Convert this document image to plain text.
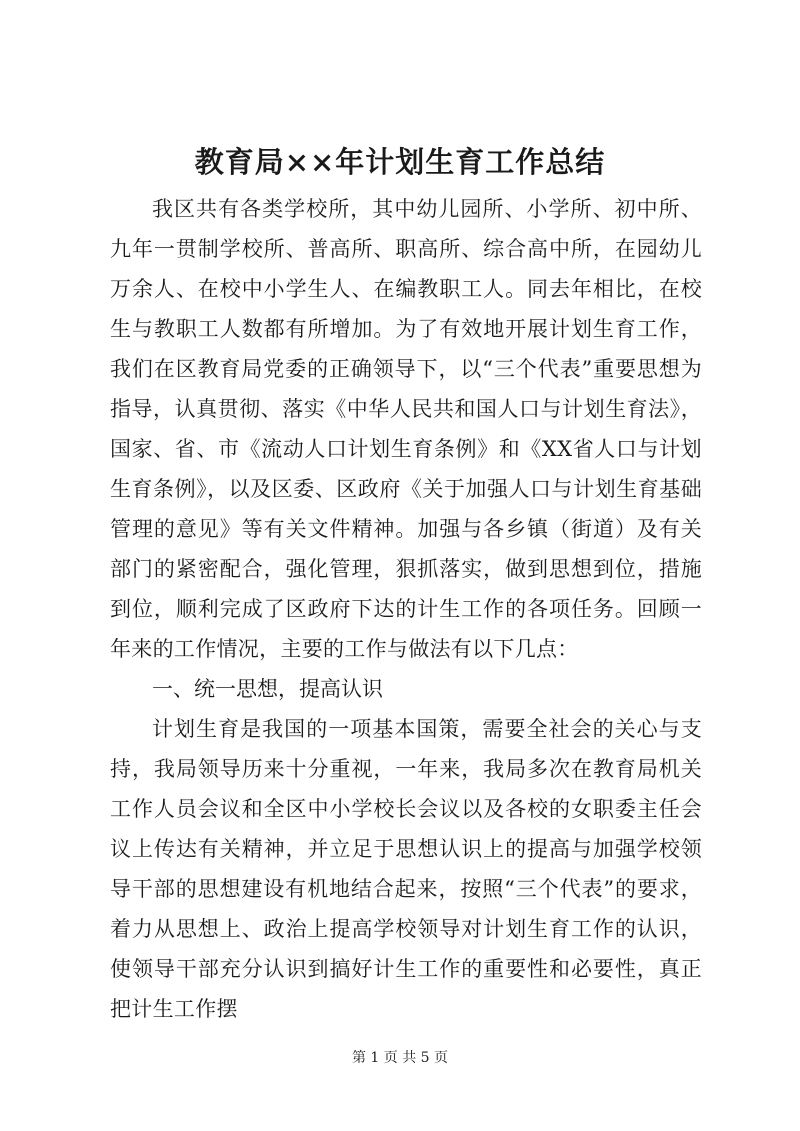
教育局××年计划生育工作总结

我区共有各类学校所，其中幼儿园所、小学所、初中所、九年一贯制学校所、普高所、职高所、综合高中所，在园幼儿万余人、在校中小学生人、在编教职工人。同去年相比，在校生与教职工人数都有所增加。为了有效地开展计划生育工作，我们在区教育局党委的正确领导下，以“三个代表”重要思想为指导，认真贯彻、落实《中华人民共和国人口与计划生育法》，国家、省、市《流动人口计划生育条例》和《XX省人口与计划生育条例》，以及区委、区政府《关于加强人口与计划生育基础管理的意见》等有关文件精神。加强与各乡镇（街道）及有关部门的紧密配合，强化管理，狠抓落实，做到思想到位，措施到位，顺利完成了区政府下达的计生工作的各项任务。回顾一年来的工作情况，主要的工作与做法有以下几点：

一、统一思想，提高认识

计划生育是我国的一项基本国策，需要全社会的关心与支持，我局领导历来十分重视，一年来，我局多次在教育局机关工作人员会议和全区中小学校长会议以及各校的女职委主任会议上传达有关精神，并立足于思想认识上的提高与加强学校领导干部的思想建设有机地结合起来，按照“三个代表”的要求，着力从思想上、政治上提高学校领导对计划生育工作的认识，使领导干部充分认识到搞好计生工作的重要性和必要性，真正把计生工作摆

第 1 页 共 5 页
